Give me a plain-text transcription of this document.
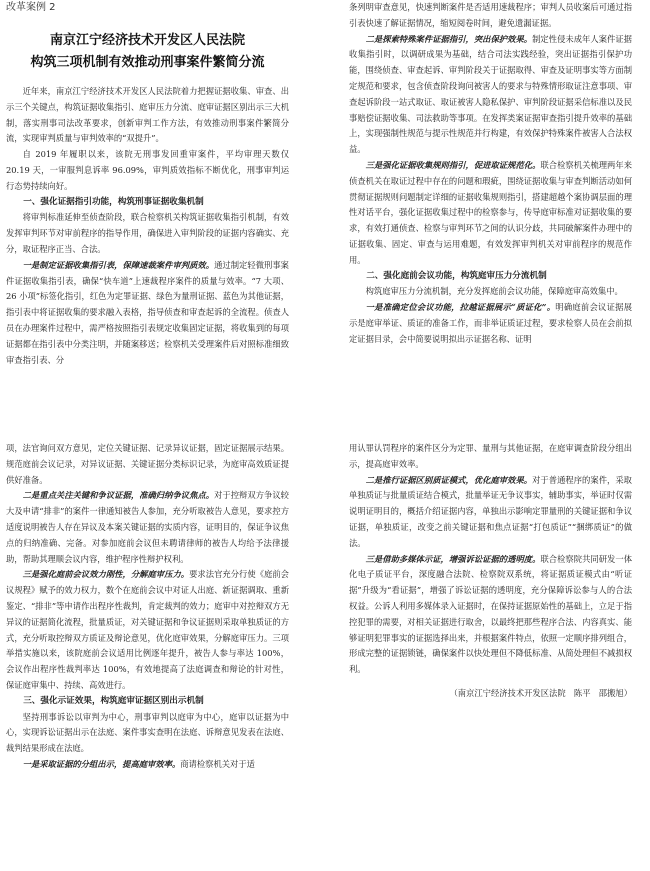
改革案例 2
南京江宁经济技术开发区人民法院
构筑三项机制有效推动刑事案件繁简分流

近年来，南京江宁经济技术开发区人民法院着力把握证据收集、审查、出示三个关键点，构筑证据收集指引、庭审压力分流、庭审证据区别出示三大机制，落实刑事司法改革要求，创新审判工作方法，有效推动刑事案件繁简分流，实现审判质量与审判效率的“双提升”。

自 2019 年履职以来，该院无刑事发回重审案件，平均审理天数仅 20.19 天，一审服判息诉率 96.09%，审判质效指标不断优化，刑事审判运行态势持续向好。

一、强化证据指引功能，构筑刑事证据收集机制

将审判标准延伸至侦查阶段，联合检察机关构筑证据收集指引机制，有效发挥审判环节对审前程序的指导作用，确保进入审判阶段的证据内容确实、充分，取证程序正当、合法。

一是制定证据收集指引表，保障速裁案件审判质效。通过制定轻微刑事案件证据收集指引表，确保“快车道”上速裁程序案件的质量与效率。“7 大项、26 小项”标签化指引，红色为定罪证据、绿色为量刑证据、蓝色为其他证据，指引表中将证据收集的要求融入表格，指导侦查和审查起诉的全流程。侦查人员在办理案件过程中，需严格按照指引表规定收集固定证据，将收集到的每项证据都在指引表中分类注明，并随案移送；检察机关受理案件后对照标准细致审查指引表、分

条列明审查意见，快速判断案件是否适用速裁程序；审判人员收案后可通过指引表快速了解证据情况，缩短阅卷时间，避免遗漏证据。

二是探索特殊案件证据指引，突出保护效果。制定性侵未成年人案件证据收集指引时，以调研成果为基础，结合司法实践经验，突出证据指引保护功能，围绕侦查、审查起诉、审判阶段关于证据取得、审查及证明事实等方面制定规范和要求，包含侦查阶段询问被害人的要求与特殊情形取证注意事项、审查起诉阶段一站式取证、取证被害人隐私保护、审判阶段证据采信标准以及民事赔偿证据收集、司法救助等事项。在发挥类案证据审查指引提升效率的基础上，实现强制性规范与提示性规范并行构建，有效保护特殊案件被害人合法权益。

三是强化证据收集规则指引，促进取证规范化。联合检察机关梳理两年来侦查机关在取证过程中存在的问题和瑕疵，围绕证据收集与审查判断活动如何贯彻证据规则问题制定详细的证据收集规则指引，搭建超越个案协调层面的理性对话平台，强化证据收集过程中的检察参与，传导庭审标准对证据收集的要求，有效打通侦查、检察与审判环节之间的认识分歧，共同破解案件办理中的证据收集、固定、审查与运用难题，有效发挥审判机关对审前程序的规范作用。

二、强化庭前会议功能，构筑庭审压力分流机制

构筑庭审压力分流机制，充分发挥庭前会议功能，保障庭审高效集中。

一是准确定位会议功能，拉越证据展示“质证化”。明确庭前会议证据展示是庭审举证、质证的准备工作，而非举证质证过程，要求检察人员在会前拟定证据目录，会中简要说明拟出示证据名称、证明

项，法官询问双方意见，定位关键证据、记录异议证据，固定证据展示结果。规范庭前会议记录，对异议证据、关键证据分类标识记录，为庭审高效质证提供好准备。

二是重点关注关键和争议证据，准确归纳争议焦点。对于控辩双方争议较大及申请“排非”的案件一律通知被告人参加，充分听取被告人意见，要求控方适度说明被告人存在异议及本案关键证据的实质内容，证明目的，保证争议焦点的归纳准确、完备。对参加庭前会议但未聘请律师的被告人均给予法律援助，帮助其理顺会议内容，维护程序性辩护权利。

三是强化庭前会议效力刚性，分解庭审压力。要求法官充分行使《庭前会议规程》赋予的效力权力，数个在庭前会议中对证人出庭、新证据调取、重新鉴定、“排非”等申请作出程序性裁判，肯定裁判的效力；庭审中对控辩双方无异议的证据简化流程，批量质证，对关键证据和争议证据则采取单独质证的方式，充分听取控辩双方质证及辩论意见，优化庭审效果，分解庭审压力。三项举措实施以来，该院庭前会议适用比例逐年提升，被告人参与率达 100%，会议作出程序性裁判率达 100%，有效地提高了法庭调查和辩论的针对性，保证庭审集中、持续、高效进行。

三、强化示证效果，构筑庭审证据区别出示机制

坚持刑事诉讼以审判为中心，刑事审判以庭审为中心，庭审以证据为中心，实现诉讼证据出示在法庭、案件事实查明在法庭、诉辩意见发表在法庭、裁判结果形成在法庭。

一是采取证据的分组出示，提高庭审效率。商请检察机关对于适

用认罪认罚程序的案件区分为定罪、量刑与其他证据，在庭审调查阶段分组出示，提高庭审效率。

二是推行证据区别质证模式，优化庭审效果。对于普通程序的案件，采取单独质证与批量质证结合模式，批量举证无争议事实，辅助事实，举证时仅需说明证明目的，概括介绍证据内容，单独出示影响定罪量刑的关键证据和争议证据，单独质证，改变之前关键证据和焦点证据“打包质证”“捆绑质证”的做法。

三是借助多媒体示证，增强诉讼证据的透明度。联合检察院共同研发一体化电子质证平台，深度融合法院、检察院双系统，将证据质证模式由“听证据”升级为“看证据”，增强了诉讼证据的透明度，充分保障诉讼参与人的合法权益。公诉人利用多媒体录入证据时，在保持证据原始性的基础上，立足于指控犯罪的需要，对相关证据进行取舍，以最终把那些程序合法、内容真实、能够证明犯罪事实的证据选择出来，并根据案件特点，依照一定顺序排列组合，形成完整的证据锁链，确保案件以快处理但不降低标准、从简处理但不减损权利。

（南京江宁经济技术开发区法院　陈平　邵搬旭）
